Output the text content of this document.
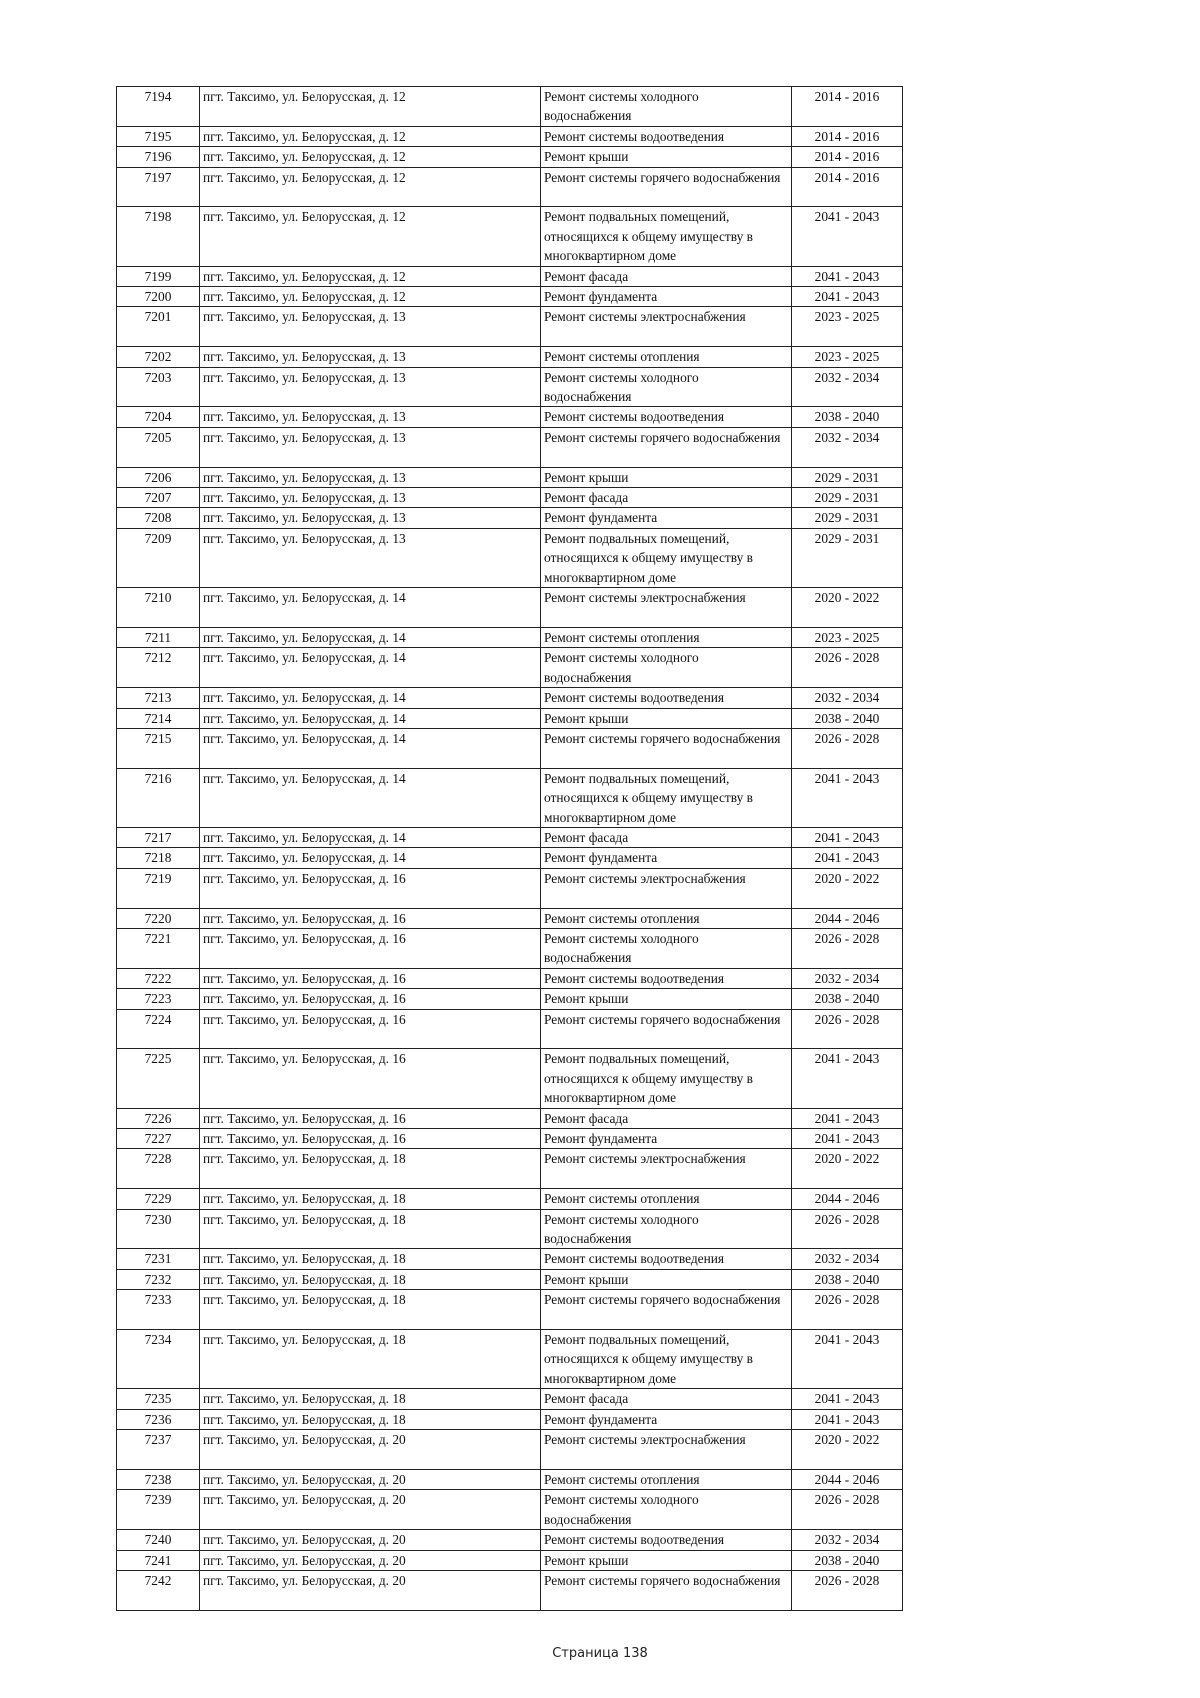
7194	пгт. Таксимо, ул. Белорусская, д. 12	Ремонт системы холодного водоснабжения	2014 - 2016
7195	пгт. Таксимо, ул. Белорусская, д. 12	Ремонт системы водоотведения	2014 - 2016
7196	пгт. Таксимо, ул. Белорусская, д. 12	Ремонт крыши	2014 - 2016
7197	пгт. Таксимо, ул. Белорусская, д. 12	Ремонт системы горячего водоснабжения	2014 - 2016
7198	пгт. Таксимо, ул. Белорусская, д. 12	Ремонт подвальных помещений, относящихся к общему имуществу в многоквартирном доме	2041 - 2043
7199	пгт. Таксимо, ул. Белорусская, д. 12	Ремонт фасада	2041 - 2043
7200	пгт. Таксимо, ул. Белорусская, д. 12	Ремонт фундамента	2041 - 2043
7201	пгт. Таксимо, ул. Белорусская, д. 13	Ремонт системы электроснабжения	2023 - 2025
7202	пгт. Таксимо, ул. Белорусская, д. 13	Ремонт системы отопления	2023 - 2025
7203	пгт. Таксимо, ул. Белорусская, д. 13	Ремонт системы холодного водоснабжения	2032 - 2034
7204	пгт. Таксимо, ул. Белорусская, д. 13	Ремонт системы водоотведения	2038 - 2040
7205	пгт. Таксимо, ул. Белорусская, д. 13	Ремонт системы горячего водоснабжения	2032 - 2034
7206	пгт. Таксимо, ул. Белорусская, д. 13	Ремонт крыши	2029 - 2031
7207	пгт. Таксимо, ул. Белорусская, д. 13	Ремонт фасада	2029 - 2031
7208	пгт. Таксимо, ул. Белорусская, д. 13	Ремонт фундамента	2029 - 2031
7209	пгт. Таксимо, ул. Белорусская, д. 13	Ремонт подвальных помещений, относящихся к общему имуществу в многоквартирном доме	2029 - 2031
7210	пгт. Таксимо, ул. Белорусская, д. 14	Ремонт системы электроснабжения	2020 - 2022
7211	пгт. Таксимо, ул. Белорусская, д. 14	Ремонт системы отопления	2023 - 2025
7212	пгт. Таксимо, ул. Белорусская, д. 14	Ремонт системы холодного водоснабжения	2026 - 2028
7213	пгт. Таксимо, ул. Белорусская, д. 14	Ремонт системы водоотведения	2032 - 2034
7214	пгт. Таксимо, ул. Белорусская, д. 14	Ремонт крыши	2038 - 2040
7215	пгт. Таксимо, ул. Белорусская, д. 14	Ремонт системы горячего водоснабжения	2026 - 2028
7216	пгт. Таксимо, ул. Белорусская, д. 14	Ремонт подвальных помещений, относящихся к общему имуществу в многоквартирном доме	2041 - 2043
7217	пгт. Таксимо, ул. Белорусская, д. 14	Ремонт фасада	2041 - 2043
7218	пгт. Таксимо, ул. Белорусская, д. 14	Ремонт фундамента	2041 - 2043
7219	пгт. Таксимо, ул. Белорусская, д. 16	Ремонт системы электроснабжения	2020 - 2022
7220	пгт. Таксимо, ул. Белорусская, д. 16	Ремонт системы отопления	2044 - 2046
7221	пгт. Таксимо, ул. Белорусская, д. 16	Ремонт системы холодного водоснабжения	2026 - 2028
7222	пгт. Таксимо, ул. Белорусская, д. 16	Ремонт системы водоотведения	2032 - 2034
7223	пгт. Таксимо, ул. Белорусская, д. 16	Ремонт крыши	2038 - 2040
7224	пгт. Таксимо, ул. Белорусская, д. 16	Ремонт системы горячего водоснабжения	2026 - 2028
7225	пгт. Таксимо, ул. Белорусская, д. 16	Ремонт подвальных помещений, относящихся к общему имуществу в многоквартирном доме	2041 - 2043
7226	пгт. Таксимо, ул. Белорусская, д. 16	Ремонт фасада	2041 - 2043
7227	пгт. Таксимо, ул. Белорусская, д. 16	Ремонт фундамента	2041 - 2043
7228	пгт. Таксимо, ул. Белорусская, д. 18	Ремонт системы электроснабжения	2020 - 2022
7229	пгт. Таксимо, ул. Белорусская, д. 18	Ремонт системы отопления	2044 - 2046
7230	пгт. Таксимо, ул. Белорусская, д. 18	Ремонт системы холодного водоснабжения	2026 - 2028
7231	пгт. Таксимо, ул. Белорусская, д. 18	Ремонт системы водоотведения	2032 - 2034
7232	пгт. Таксимо, ул. Белорусская, д. 18	Ремонт крыши	2038 - 2040
7233	пгт. Таксимо, ул. Белорусская, д. 18	Ремонт системы горячего водоснабжения	2026 - 2028
7234	пгт. Таксимо, ул. Белорусская, д. 18	Ремонт подвальных помещений, относящихся к общему имуществу в многоквартирном доме	2041 - 2043
7235	пгт. Таксимо, ул. Белорусская, д. 18	Ремонт фасада	2041 - 2043
7236	пгт. Таксимо, ул. Белорусская, д. 18	Ремонт фундамента	2041 - 2043
7237	пгт. Таксимо, ул. Белорусская, д. 20	Ремонт системы электроснабжения	2020 - 2022
7238	пгт. Таксимо, ул. Белорусская, д. 20	Ремонт системы отопления	2044 - 2046
7239	пгт. Таксимо, ул. Белорусская, д. 20	Ремонт системы холодного водоснабжения	2026 - 2028
7240	пгт. Таксимо, ул. Белорусская, д. 20	Ремонт системы водоотведения	2032 - 2034
7241	пгт. Таксимо, ул. Белорусская, д. 20	Ремонт крыши	2038 - 2040
7242	пгт. Таксимо, ул. Белорусская, д. 20	Ремонт системы горячего водоснабжения	2026 - 2028
Страница 138
